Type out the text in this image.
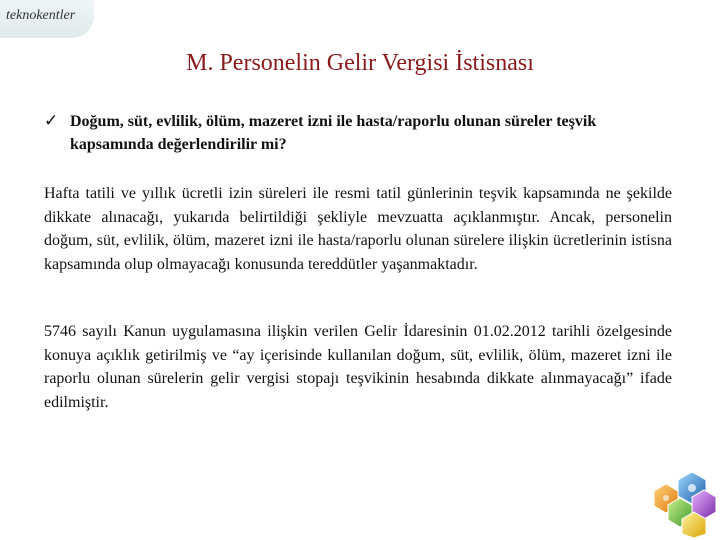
teknokentler
M. Personelin Gelir Vergisi İstisnası
✓ Doğum, süt, evlilik, ölüm, mazeret izni ile hasta/raporlu olunan süreler teşvik kapsamında değerlendirilir mi?

Hafta tatili ve yıllık ücretli izin süreleri ile resmi tatil günlerinin teşvik kapsamında ne şekilde dikkate alınacağı, yukarıda belirtildiği şekliyle mevzuatta açıklanmıştır. Ancak, personelin doğum, süt, evlilik, ölüm, mazeret izni ile hasta/raporlu olunan sürelere ilişkin ücretlerinin istisna kapsamında olup olmayacağı konusunda tereddütler yaşanmaktadır.

5746 sayılı Kanun uygulamasına ilişkin verilen Gelir İdaresinin 01.02.2012 tarihli özelgesinde konuya açıklık getirilmiş ve “ay içerisinde kullanılan doğum, süt, evlilik, ölüm, mazeret izni ile raporlu olunan sürelerin gelir vergisi stopajı teşvikinin hesabında dikkate alınmayacağı” ifade edilmiştir.
